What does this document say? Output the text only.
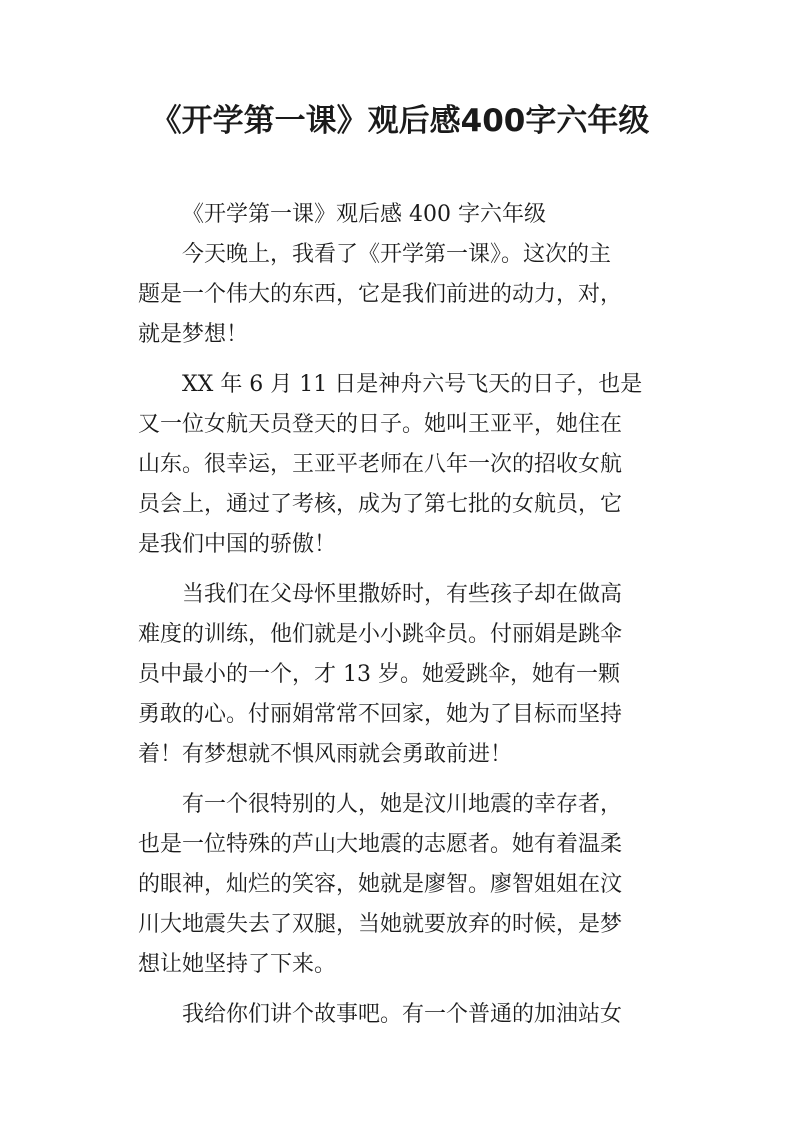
《开学第一课》观后感400字六年级
《开学第一课》观后感 400 字六年级
今天晚上，我看了《开学第一课》。这次的主
题是一个伟大的东西，它是我们前进的动力，对，
就是梦想！
XX 年 6 月 11 日是神舟六号飞天的日子，也是
又一位女航天员登天的日子。她叫王亚平，她住在
山东。很幸运，王亚平老师在八年一次的招收女航
员会上，通过了考核，成为了第七批的女航员，它
是我们中国的骄傲！
当我们在父母怀里撒娇时，有些孩子却在做高
难度的训练，他们就是小小跳伞员。付丽娟是跳伞
员中最小的一个，才 13 岁。她爱跳伞，她有一颗
勇敢的心。付丽娟常常不回家，她为了目标而坚持
着！有梦想就不惧风雨就会勇敢前进！
有一个很特别的人，她是汶川地震的幸存者，
也是一位特殊的芦山大地震的志愿者。她有着温柔
的眼神，灿烂的笑容，她就是廖智。廖智姐姐在汶
川大地震失去了双腿，当她就要放弃的时候，是梦
想让她坚持了下来。
我给你们讲个故事吧。有一个普通的加油站女
